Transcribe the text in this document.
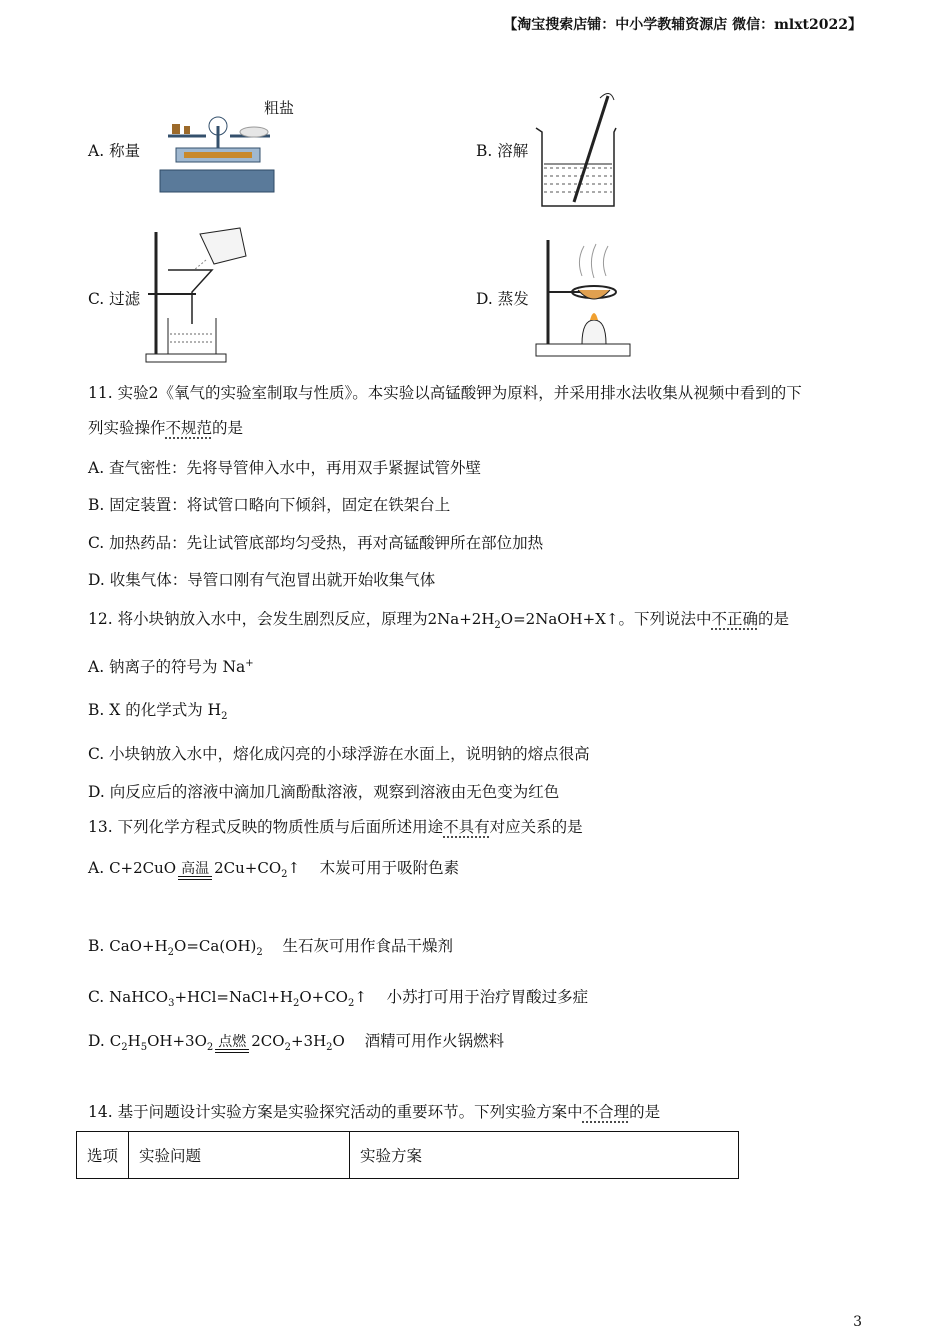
【淘宝搜索店铺：中小学教辅资源店 微信：mlxt2022】
A. 称量
粗盐
B. 溶解
C. 过滤	D. 蒸发
11. 实验2《氧气的实验室制取与性质》。本实验以高锰酸钾为原料，并采用排水法收集从视频中看到的下
列实验操作不规范的是
A. 查气密性：先将导管伸入水中，再用双手紧握试管外壁
B. 固定装置：将试管口略向下倾斜，固定在铁架台上
C. 加热药品：先让试管底部均匀受热，再对高锰酸钾所在部位加热
D. 收集气体：导管口刚有气泡冒出就开始收集气体
12. 将小块钠放入水中，会发生剧烈反应，原理为$2Na+2H_2O=2NaOH+X↑$。下列说法中不正确的是
A. 钠离子的符号为 Na+
B. X 的化学式为 $H_2$
C. 小块钠放入水中，熔化成闪亮的小球浮游在水面上，说明钠的熔点很高
D. 向反应后的溶液中滴加几滴酚酞溶液，观察到溶液由无色变为红色
13. 下列化学方程式反映的物质性质与后面所述用途不具有对应关系的是
A. C+2CuO 高温 $2Cu+CO_2↑$ 木炭可用于吸附色素
B. $CaO+H_2O=Ca(OH)_2$ 生石灰可用作食品干燥剂
C. $NaHCO_3+HCl=NaCl+H_2O+CO_2↑$ 小苏打可用于治疗胃酸过多症
D. $C_2H_5OH+3O_2$ 点燃 $2CO_2+3H_2O$ 酒精可用作火锅燃料
14. 基于问题设计实验方案是实验探究活动的重要环节。下列实验方案中不合理的是
选项	实验问题	实验方案
3
